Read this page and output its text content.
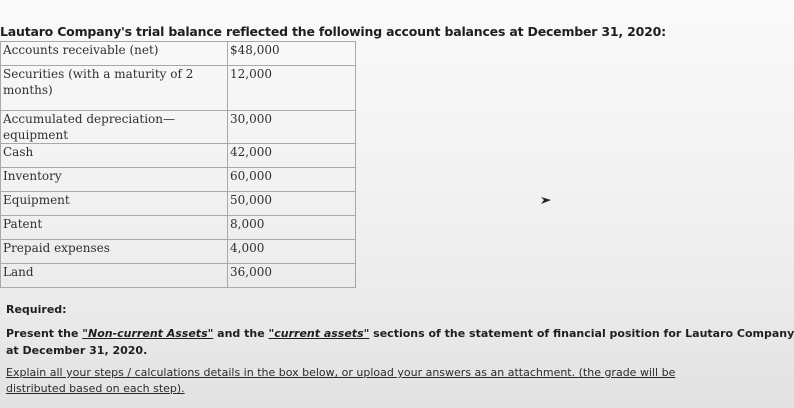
Lautaro Company's trial balance reflected the following account balances at December 31, 2020:
Accounts receivable (net)	$48,000
Securities (with a maturity of 2 months)	12,000
Accumulated depreciation—equipment	30,000
Cash	42,000
Inventory	60,000
Equipment	50,000
Patent	8,000
Prepaid expenses	4,000
Land	36,000
Required:
Present the "Non-current Assets" and the "current assets" sections of the statement of financial position for Lautaro Company
at December 31, 2020.
Explain all your steps / calculations details in the box below, or upload your answers as an attachment. (the grade will be distributed based on each step).
